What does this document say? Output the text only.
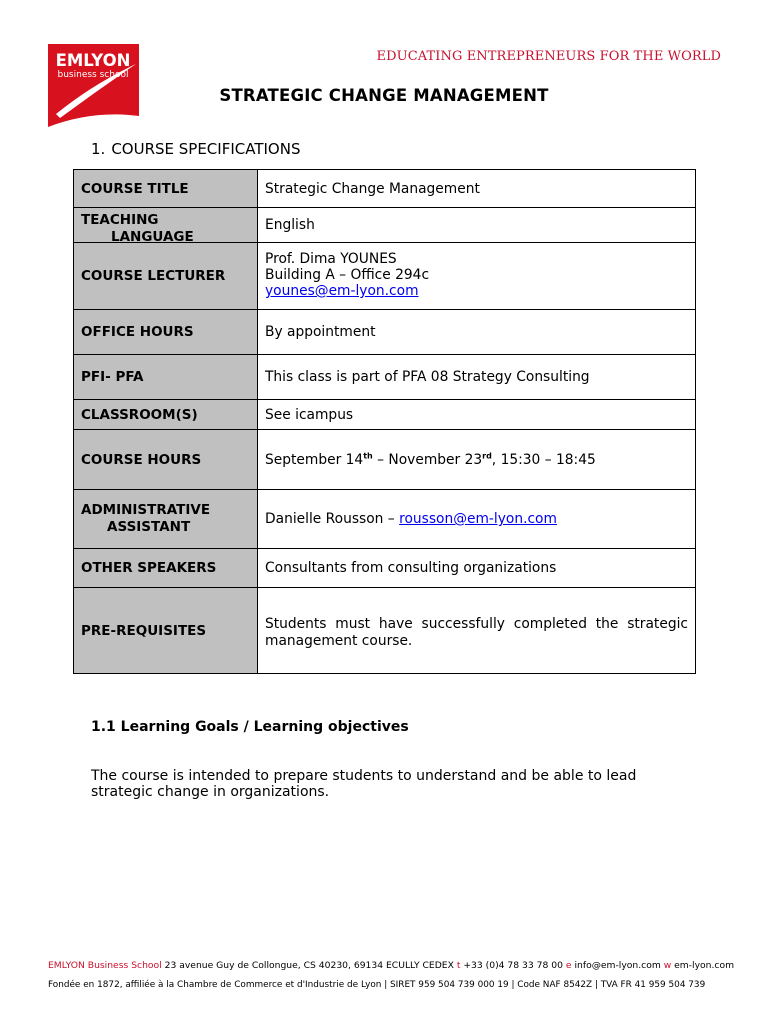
EMLYON
business school
EDUCATING ENTREPRENEURS FOR THE WORLD
STRATEGIC CHANGE MANAGEMENT
1. COURSE SPECIFICATIONS
COURSE TITLE	Strategic Change Management

TEACHING
LANGUAGE	English
COURSE LECTURER	Prof. Dima YOUNES
Building A – Office 294c
younes@em-lyon.com

OFFICE HOURS	By appointment
PFI- PFA	This class is part of PFA 08 Strategy Consulting
CLASSROOM(S)	See icampus
COURSE HOURS	September 14th – November 23rd, 15:30 – 18:45

ADMINISTRATIVE
ASSISTANT	Danielle Rousson – rousson@em-lyon.com
OTHER SPEAKERS	Consultants from consulting organizations
PRE-REQUISITES	Students must have successfully completed the strategic management course.
1.1 Learning Goals / Learning objectives
The course is intended to prepare students to understand and be able to lead strategic change in organizations.
EMLYON Business School 23 avenue Guy de Collongue, CS 40230, 69134 ECULLY CEDEX t +33 (0)4 78 33 78 00 e info@em-lyon.com w em-lyon.com
Fondée en 1872, affiliée à la Chambre de Commerce et d'Industrie de Lyon | SIRET 959 504 739 000 19 | Code NAF 8542Z | TVA FR 41 959 504 739
